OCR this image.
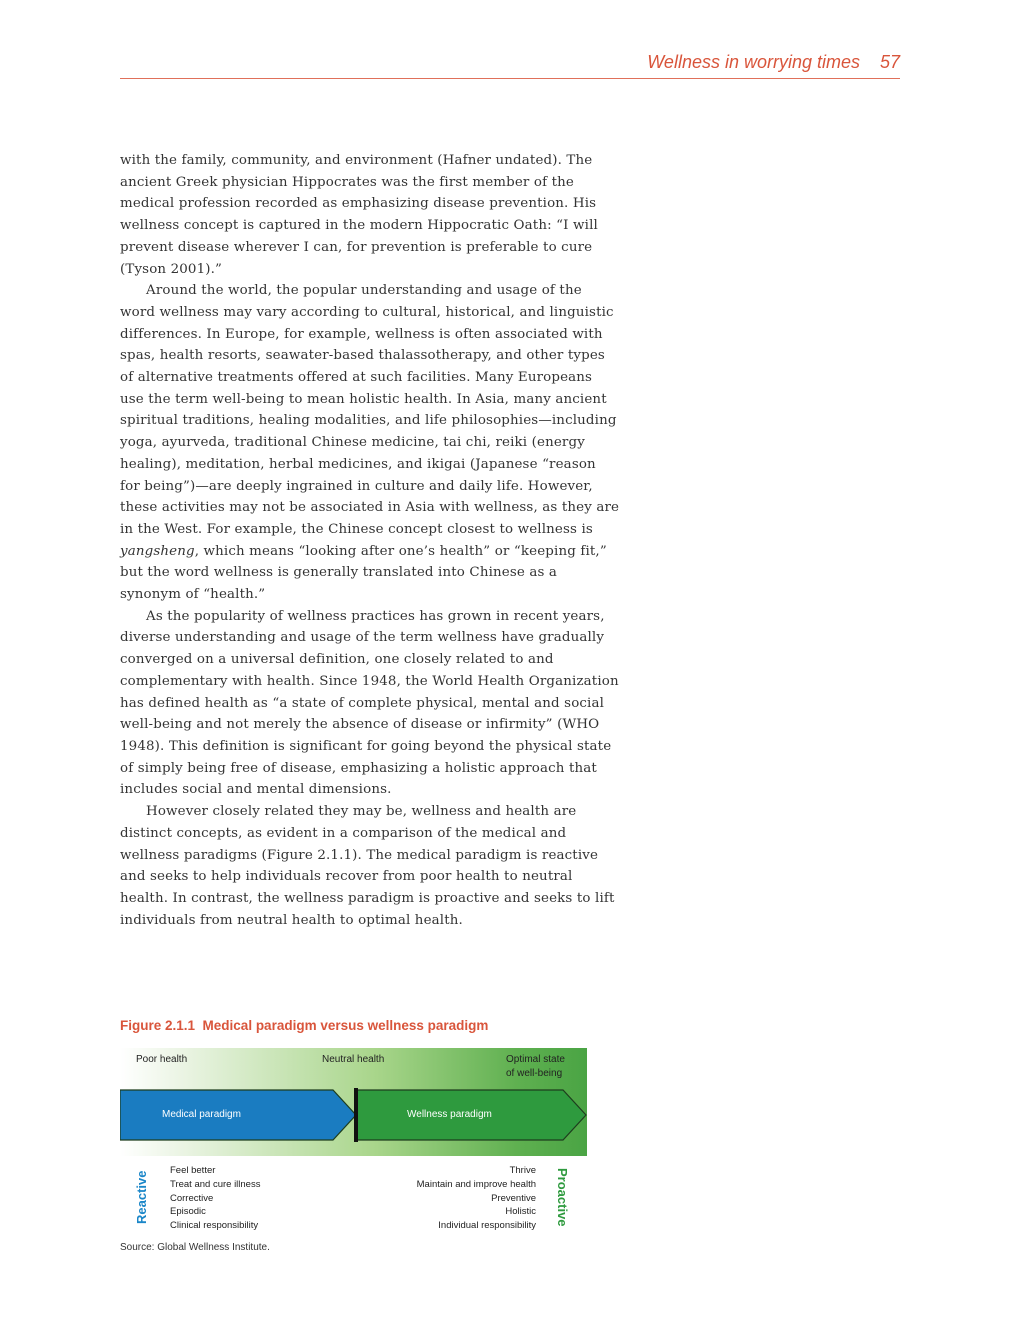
Wellness in worrying times 57

with the family, community, and environment (Hafner undated). The ancient Greek physician Hippocrates was the first member of the medical profession recorded as emphasizing disease prevention. His wellness concept is captured in the modern Hippocratic Oath: “I will prevent disease wherever I can, for prevention is preferable to cure (Tyson 2001).”

Around the world, the popular understanding and usage of the word wellness may vary according to cultural, historical, and linguistic differences. In Europe, for example, wellness is often associated with spas, health resorts, seawater-based thalassotherapy, and other types of alternative treatments offered at such facilities. Many Europeans use the term well-being to mean holistic health. In Asia, many ancient spiritual traditions, healing modalities, and life philosophies—including yoga, ayurveda, traditional Chinese medicine, tai chi, reiki (energy healing), meditation, herbal medicines, and ikigai (Japanese “reason for being”)—are deeply ingrained in culture and daily life. However, these activities may not be associated in Asia with wellness, as they are in the West. For example, the Chinese concept closest to wellness is yangsheng, which means “looking after one’s health” or “keeping fit,” but the word wellness is generally translated into Chinese as a synonym of “health.”

As the popularity of wellness practices has grown in recent years, diverse understanding and usage of the term wellness have gradually converged on a universal definition, one closely related to and complementary with health. Since 1948, the World Health Organization has defined health as “a state of complete physical, mental and social well-being and not merely the absence of disease or infirmity” (WHO 1948). This definition is significant for going beyond the physical state of simply being free of disease, emphasizing a holistic approach that includes social and mental dimensions.

However closely related they may be, wellness and health are distinct concepts, as evident in a comparison of the medical and wellness paradigms (Figure 2.1.1). The medical paradigm is reactive and seeks to help individuals recover from poor health to neutral health. In contrast, the wellness paradigm is proactive and seeks to lift individuals from neutral health to optimal health.

Figure 2.1.1 Medical paradigm versus wellness paradigm
Poor health	Neutral health	Optimal state
of well-being
Medical paradigm	Wellness paradigm
Reactive
Feel better
Treat and cure illness
Corrective
Episodic
Clinical responsibility
Thrive
Maintain and improve health
Preventive
Holistic
Individual responsibility Proactive
Source: Global Wellness Institute.
